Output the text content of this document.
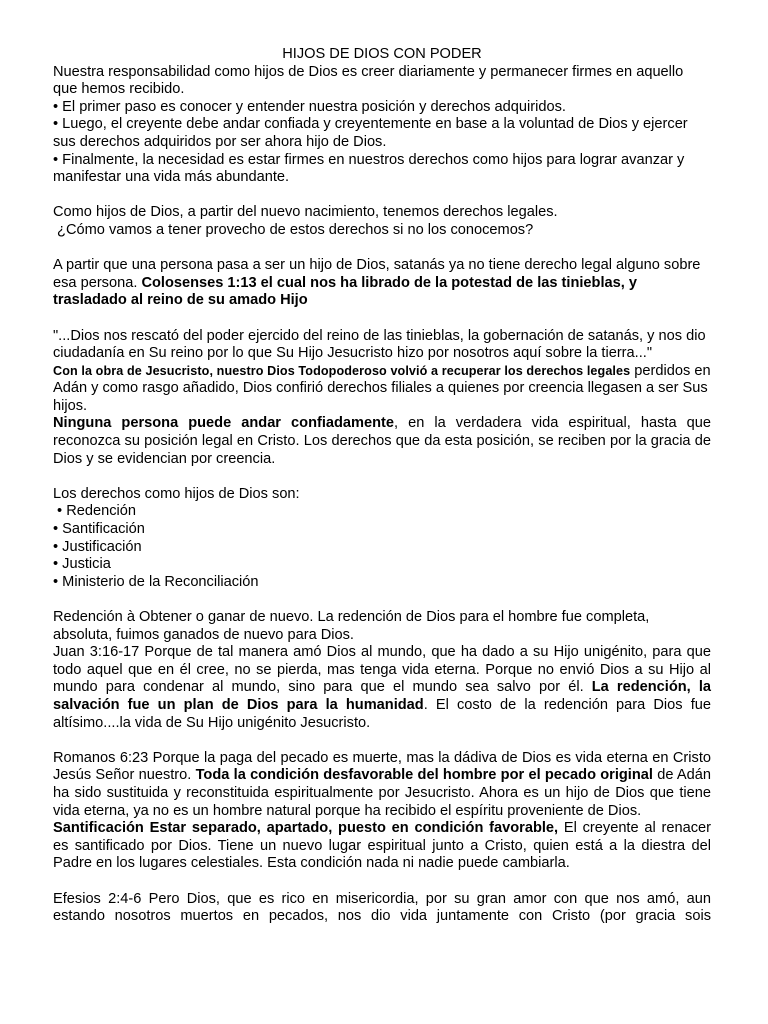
HIJOS DE DIOS CON PODER

Nuestra responsabilidad como hijos de Dios es creer diariamente y permanecer firmes en aquello que hemos recibido.

• El primer paso es conocer y entender nuestra posición y derechos adquiridos.

• Luego, el creyente debe andar confiada y creyentemente en base a la voluntad de Dios y ejercer sus derechos adquiridos por ser ahora hijo de Dios.

• Finalmente, la necesidad es estar firmes en nuestros derechos como hijos para lograr avanzar y manifestar una vida más abundante.

Como hijos de Dios, a partir del nuevo nacimiento, tenemos derechos legales.

¿Cómo vamos a tener provecho de estos derechos si no los conocemos?

A partir que una persona pasa a ser un hijo de Dios, satanás ya no tiene derecho legal alguno sobre esa persona. Colosenses 1:13 el cual nos ha librado de la potestad de las tinieblas, y trasladado al reino de su amado Hijo

"...Dios nos rescató del poder ejercido del reino de las tinieblas, la gobernación de satanás, y nos dio ciudadanía en Su reino por lo que Su Hijo Jesucristo hizo por nosotros aquí sobre la tierra..."

Con la obra de Jesucristo, nuestro Dios Todopoderoso volvió a recuperar los derechos legales perdidos en Adán y como rasgo añadido, Dios confirió derechos filiales a quienes por creencia llegasen a ser Sus hijos.

Ninguna persona puede andar confiadamente, en la verdadera vida espiritual, hasta que reconozca su posición legal en Cristo. Los derechos que da esta posición, se reciben por la gracia de Dios y se evidencian por creencia.

Los derechos como hijos de Dios son:

• Redención

• Santificación

• Justificación

• Justicia

• Ministerio de la Reconciliación

Redención à Obtener o ganar de nuevo. La redención de Dios para el hombre fue completa, absoluta, fuimos ganados de nuevo para Dios.

Juan 3:16-17 Porque de tal manera amó Dios al mundo, que ha dado a su Hijo unigénito, para que todo aquel que en él cree, no se pierda, mas tenga vida eterna. Porque no envió Dios a su Hijo al mundo para condenar al mundo, sino para que el mundo sea salvo por él. La redención, la salvación fue un plan de Dios para la humanidad. El costo de la redención para Dios fue altísimo....la vida de Su Hijo unigénito Jesucristo.

Romanos 6:23 Porque la paga del pecado es muerte, mas la dádiva de Dios es vida eterna en Cristo Jesús Señor nuestro. Toda la condición desfavorable del hombre por el pecado original de Adán ha sido sustituida y reconstituida espiritualmente por Jesucristo. Ahora es un hijo de Dios que tiene vida eterna, ya no es un hombre natural porque ha recibido el espíritu proveniente de Dios.

Santificación Estar separado, apartado, puesto en condición favorable, El creyente al renacer es santificado por Dios. Tiene un nuevo lugar espiritual junto a Cristo, quien está a la diestra del Padre en los lugares celestiales. Esta condición nada ni nadie puede cambiarla.

Efesios 2:4-6 Pero Dios, que es rico en misericordia, por su gran amor con que nos amó, aun estando nosotros muertos en pecados, nos dio vida juntamente con Cristo (por gracia sois
